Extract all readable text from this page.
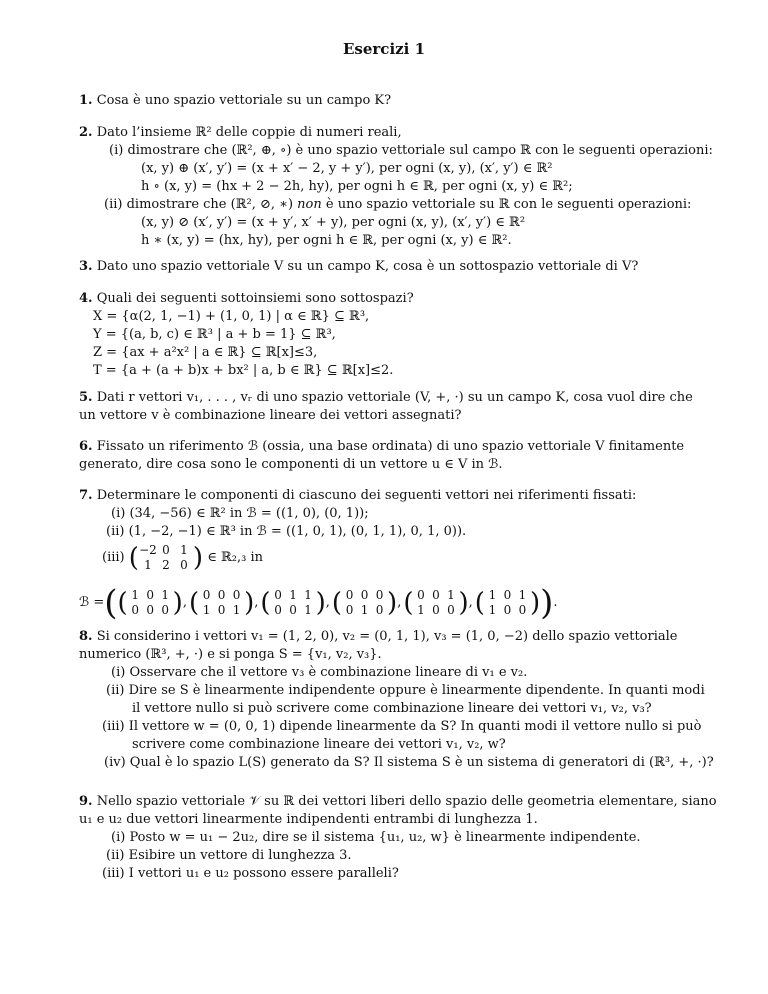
Esercizi 1
1. Cosa è uno spazio vettoriale su un campo K?
2. Dato l’insieme ℝ² delle coppie di numeri reali,
(i) dimostrare che (ℝ², ⊕, ∘) è uno spazio vettoriale sul campo ℝ con le seguenti operazioni:
(x, y) ⊕ (x′, y′) = (x + x′ − 2, y + y′), per ogni (x, y), (x′, y′) ∈ ℝ²
h ∘ (x, y) = (hx + 2 − 2h, hy), per ogni h ∈ ℝ, per ogni (x, y) ∈ ℝ²;
(ii) dimostrare che (ℝ², ⊘, ∗) non è uno spazio vettoriale su ℝ con le seguenti operazioni:
(x, y) ⊘ (x′, y′) = (x + y′, x′ + y), per ogni (x, y), (x′, y′) ∈ ℝ²
h ∗ (x, y) = (hx, hy), per ogni h ∈ ℝ, per ogni (x, y) ∈ ℝ².
3. Dato uno spazio vettoriale V su un campo K, cosa è un sottospazio vettoriale di V?
4. Quali dei seguenti sottoinsiemi sono sottospazi?
X = {α(2, 1, −1) + (1, 0, 1) | α ∈ ℝ} ⊆ ℝ³,
Y = {(a, b, c) ∈ ℝ³ | a + b = 1} ⊆ ℝ³,
Z = {ax + a²x² | a ∈ ℝ} ⊆ ℝ[x]≤3,
T = {a + (a + b)x + bx² | a, b ∈ ℝ} ⊆ ℝ[x]≤2.
5. Dati r vettori v₁, . . . , vᵣ di uno spazio vettoriale (V, +, ·) su un campo K, cosa vuol dire che
un vettore v è combinazione lineare dei vettori assegnati?
6. Fissato un riferimento ℬ (ossia, una base ordinata) di uno spazio vettoriale V finitamente
generato, dire cosa sono le componenti di un vettore u ∈ V in ℬ.
7. Determinare le componenti di ciascuno dei seguenti vettori nei riferimenti fissati:
(i) (34, −56) ∈ ℝ² in ℬ = ((1, 0), (0, 1));
(ii) (1, −2, −1) ∈ ℝ³ in ℬ = ((1, 0, 1), (0, 1, 1), 0, 1, 0)).
(iii)
( −2 0 1
1 2 0 )
∈ ℝ₂,₃ in
ℬ = ( ( 1 0 1
0 0 0 ) , ( 0 0 0
1 0 1 ) , ( 0 1 1
0 0 1 ) , ( 0 0 0
0 1 0 ) , ( 0 0 1
1 0 0 ) , ( 1 0 1
1 0 0 ) ) .
8. Si considerino i vettori v₁ = (1, 2, 0), v₂ = (0, 1, 1), v₃ = (1, 0, −2) dello spazio vettoriale
numerico (ℝ³, +, ·) e si ponga S = {v₁, v₂, v₃}.
(i) Osservare che il vettore v₃ è combinazione lineare di v₁ e v₂.
(ii) Dire se S è linearmente indipendente oppure è linearmente dipendente. In quanti modi
il vettore nullo si può scrivere come combinazione lineare dei vettori v₁, v₂, v₃?
(iii) Il vettore w = (0, 0, 1) dipende linearmente da S? In quanti modi il vettore nullo si può
scrivere come combinazione lineare dei vettori v₁, v₂, w?
(iv) Qual è lo spazio L(S) generato da S? Il sistema S è un sistema di generatori di (ℝ³, +, ·)?
9. Nello spazio vettoriale 𝒱 su ℝ dei vettori liberi dello spazio delle geometria elementare, siano
u₁ e u₂ due vettori linearmente indipendenti entrambi di lunghezza 1.
(i) Posto w = u₁ − 2u₂, dire se il sistema {u₁, u₂, w} è linearmente indipendente.
(ii) Esibire un vettore di lunghezza 3.
(iii) I vettori u₁ e u₂ possono essere paralleli?
